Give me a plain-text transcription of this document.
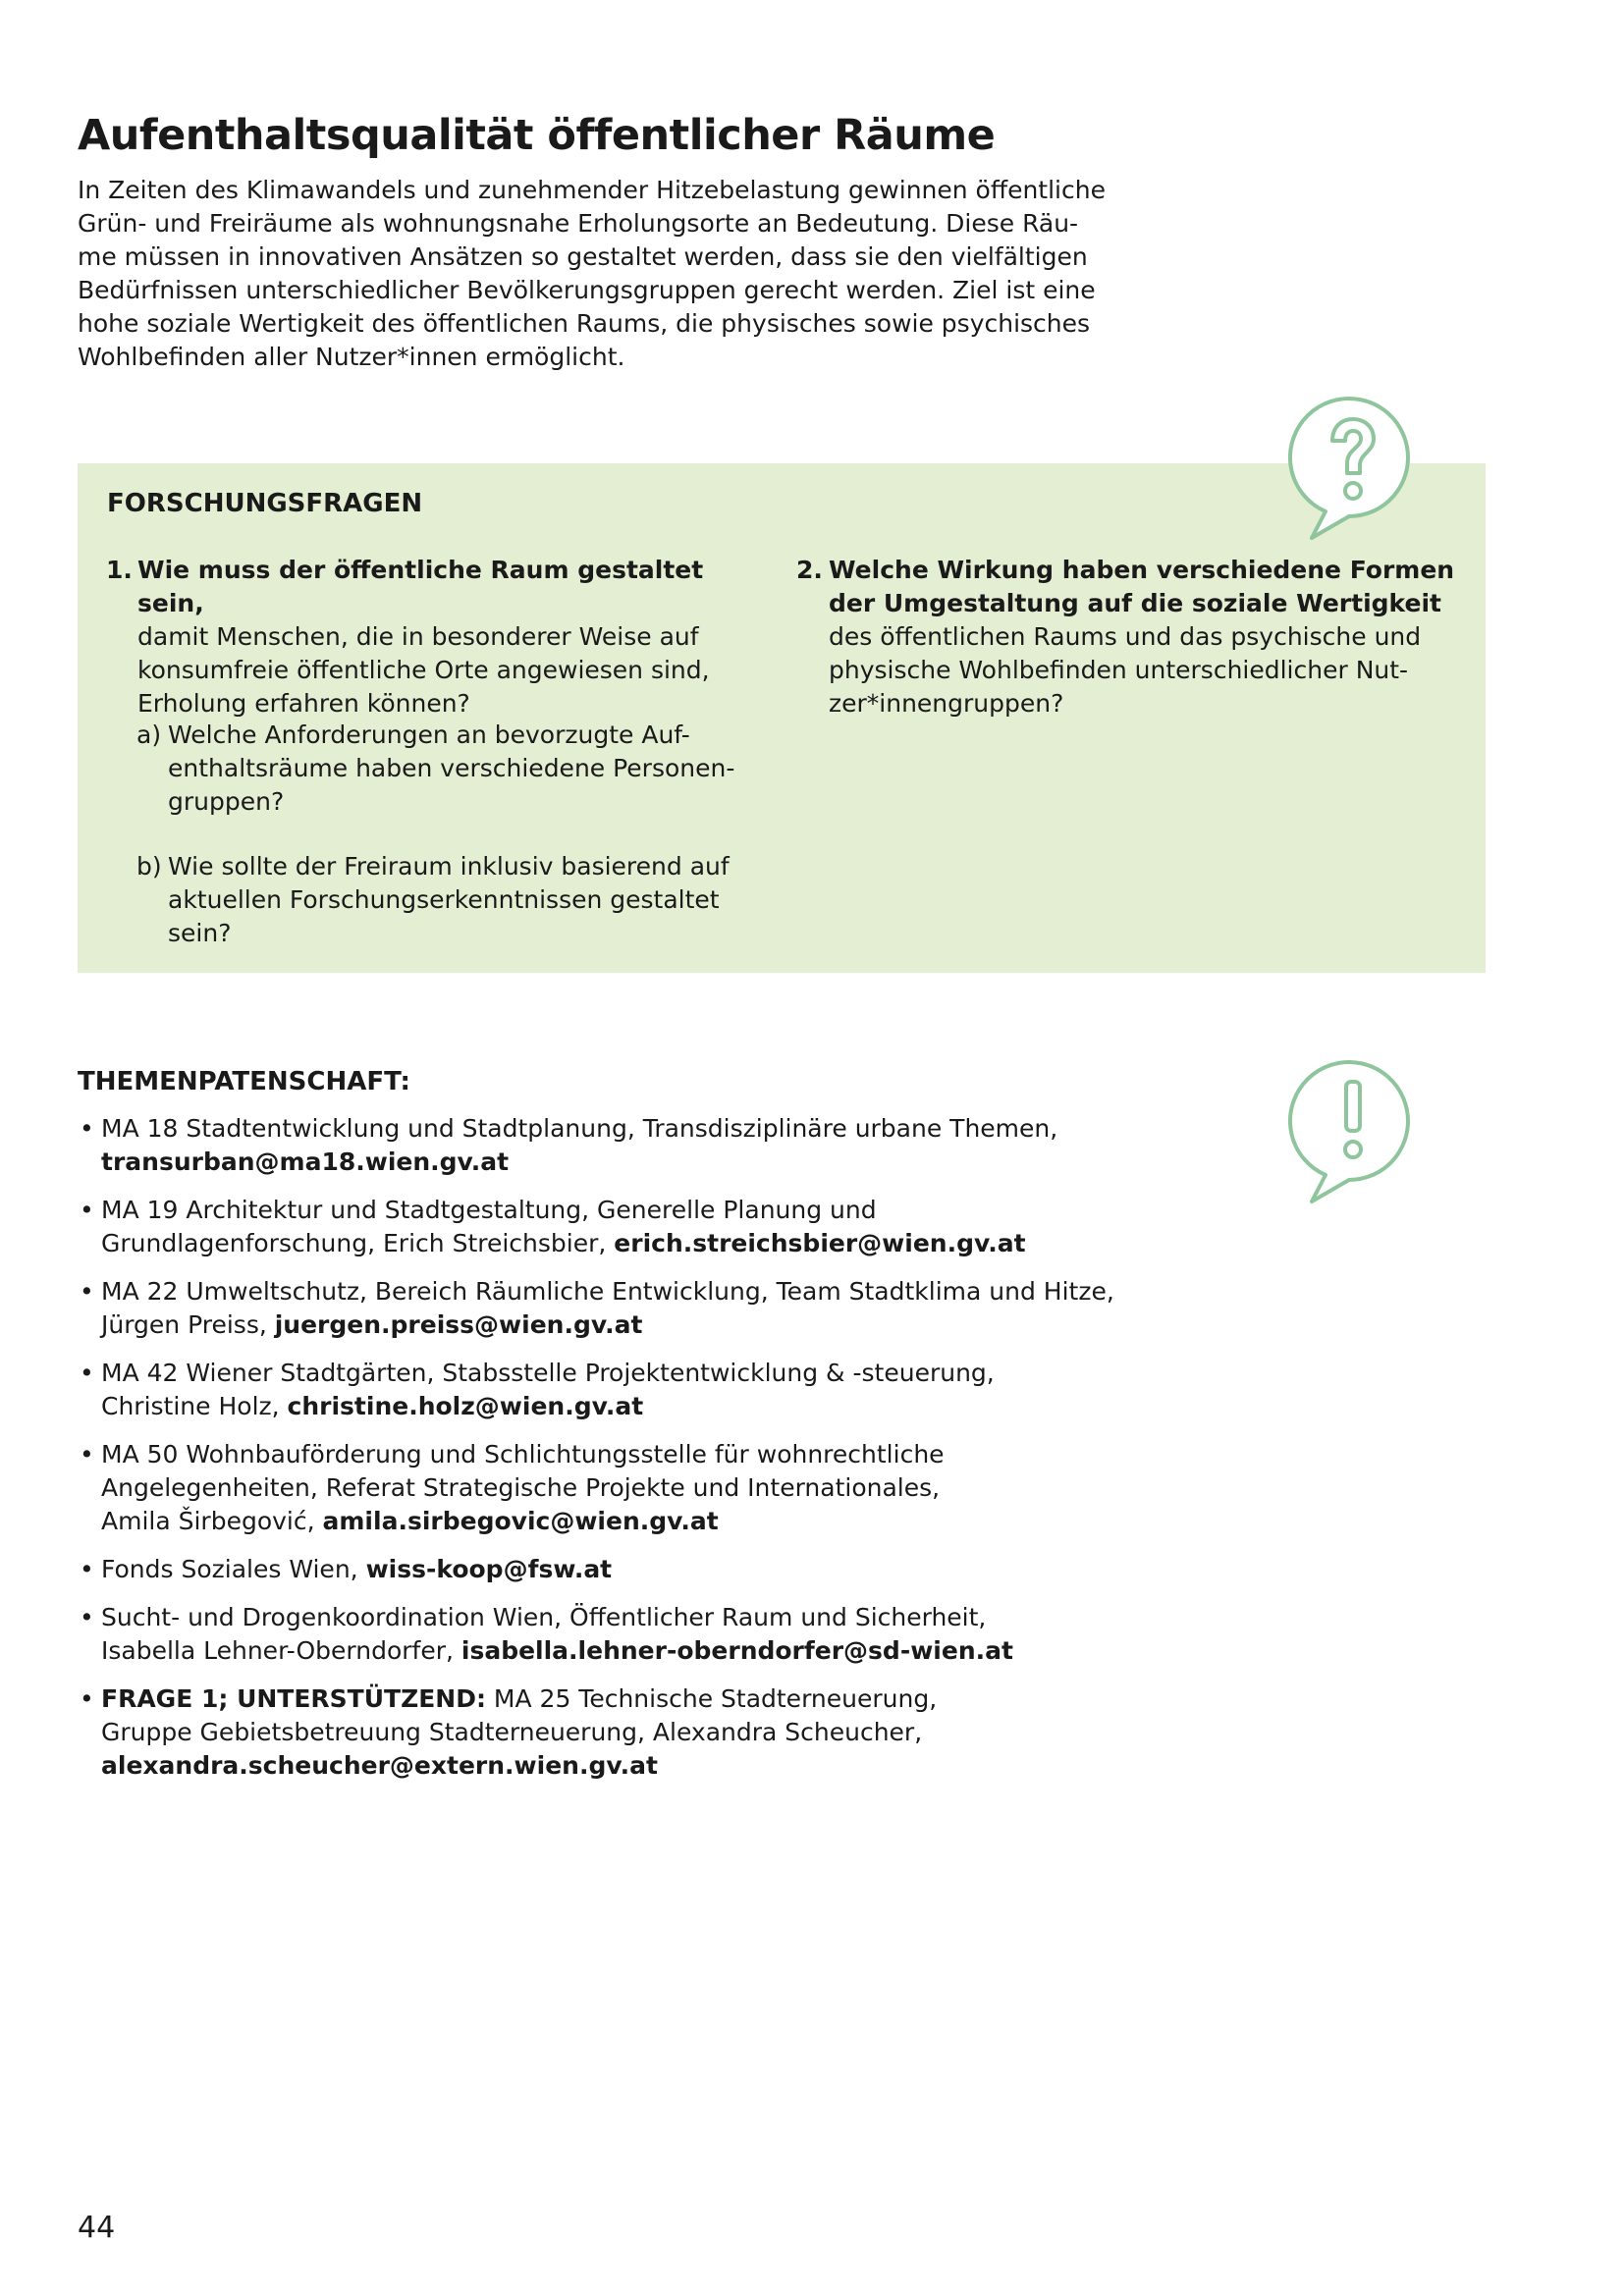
Aufenthaltsqualität öffentlicher Räume

In Zeiten des Klimawandels und zunehmender Hitzebelastung gewinnen öffentliche
Grün- und Freiräume als wohnungsnahe Erholungsorte an Bedeutung. Diese Räu-
me müssen in innovativen Ansätzen so gestaltet werden, dass sie den vielfältigen
Bedürfnissen unterschiedlicher Bevölkerungsgruppen gerecht werden. Ziel ist eine
hohe soziale Wertigkeit des öffentlichen Raums, die physisches sowie psychisches
Wohlbefinden aller Nutzer*innen ermöglicht.

FORSCHUNGSFRAGEN
1. Wie muss der öffentliche Raum gestaltet sein,
damit Menschen, die in besonderer Weise auf
konsumfreie öffentliche Orte angewiesen sind,
Erholung erfahren können?
a) Welche Anforderungen an bevorzugte Auf-
enthaltsräume haben verschiedene Personen-
gruppen?
b) Wie sollte der Freiraum inklusiv basierend auf
aktuellen Forschungserkenntnissen gestaltet
sein?
2. Welche Wirkung haben verschiedene Formen
der Umgestaltung auf die soziale Wertigkeit
des öffentlichen Raums und das psychische und
physische Wohlbefinden unterschiedlicher Nut-
zer*innengruppen?
THEMENPATENSCHAFT:
• MA 18 Stadtentwicklung und Stadtplanung, Transdisziplinäre urbane Themen,
transurban@ma18.wien.gv.at
• MA 19 Architektur und Stadtgestaltung, Generelle Planung und
Grundlagenforschung, Erich Streichsbier, erich.streichsbier@wien.gv.at
• MA 22 Umweltschutz, Bereich Räumliche Entwicklung, Team Stadtklima und Hitze,
Jürgen Preiss, juergen.preiss@wien.gv.at
• MA 42 Wiener Stadtgärten, Stabsstelle Projektentwicklung & -steuerung,
Christine Holz, christine.holz@wien.gv.at
• MA 50 Wohnbauförderung und Schlichtungsstelle für wohnrechtliche
Angelegenheiten, Referat Strategische Projekte und Internationales,
Amila Širbegović, amila.sirbegovic@wien.gv.at
• Fonds Soziales Wien, wiss-koop@fsw.at
• Sucht- und Drogenkoordination Wien, Öffentlicher Raum und Sicherheit,
Isabella Lehner-Oberndorfer, isabella.lehner-oberndorfer@sd-wien.at
• FRAGE 1; UNTERSTÜTZEND: MA 25 Technische Stadterneuerung,
Gruppe Gebietsbetreuung Stadterneuerung, Alexandra Scheucher,
alexandra.scheucher@extern.wien.gv.at

44
